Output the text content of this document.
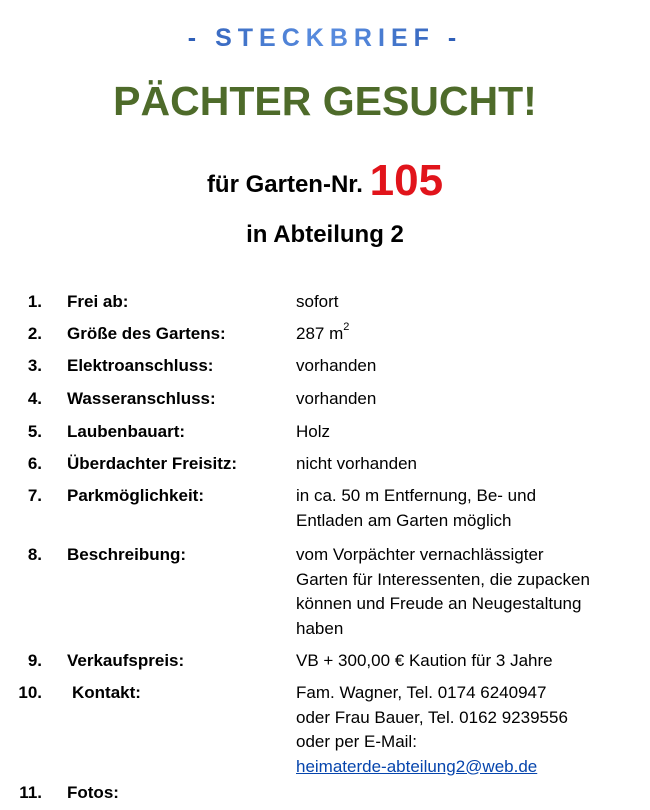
- STECKBRIEF -
PÄCHTER GESUCHT!
für Garten-Nr. 105
in Abteilung 2
1. Frei ab:	sofort
2. Größe des Gartens:	287 $m^2$
3. Elektroanschluss:	vorhanden
4. Wasseranschluss:	vorhanden
5. Laubenbauart:	Holz
6. Überdachter Freisitz:	nicht vorhanden
7. Parkmöglichkeit:	in ca. 50 m Entfernung, Be- und
Entladen am Garten möglich
8. Beschreibung:	vom Vorpächter vernachlässigter
Garten für Interessenten, die zupacken
können und Freude an Neugestaltung
haben
9. Verkaufspreis:	VB + 300,00 € Kaution für 3 Jahre
10. Kontakt:	Fam. Wagner, Tel. 0174 6240947
oder Frau Bauer, Tel. 0162 9239556
oder per E-Mail:
heimaterde-abteilung2@web.de
11. Fotos:
